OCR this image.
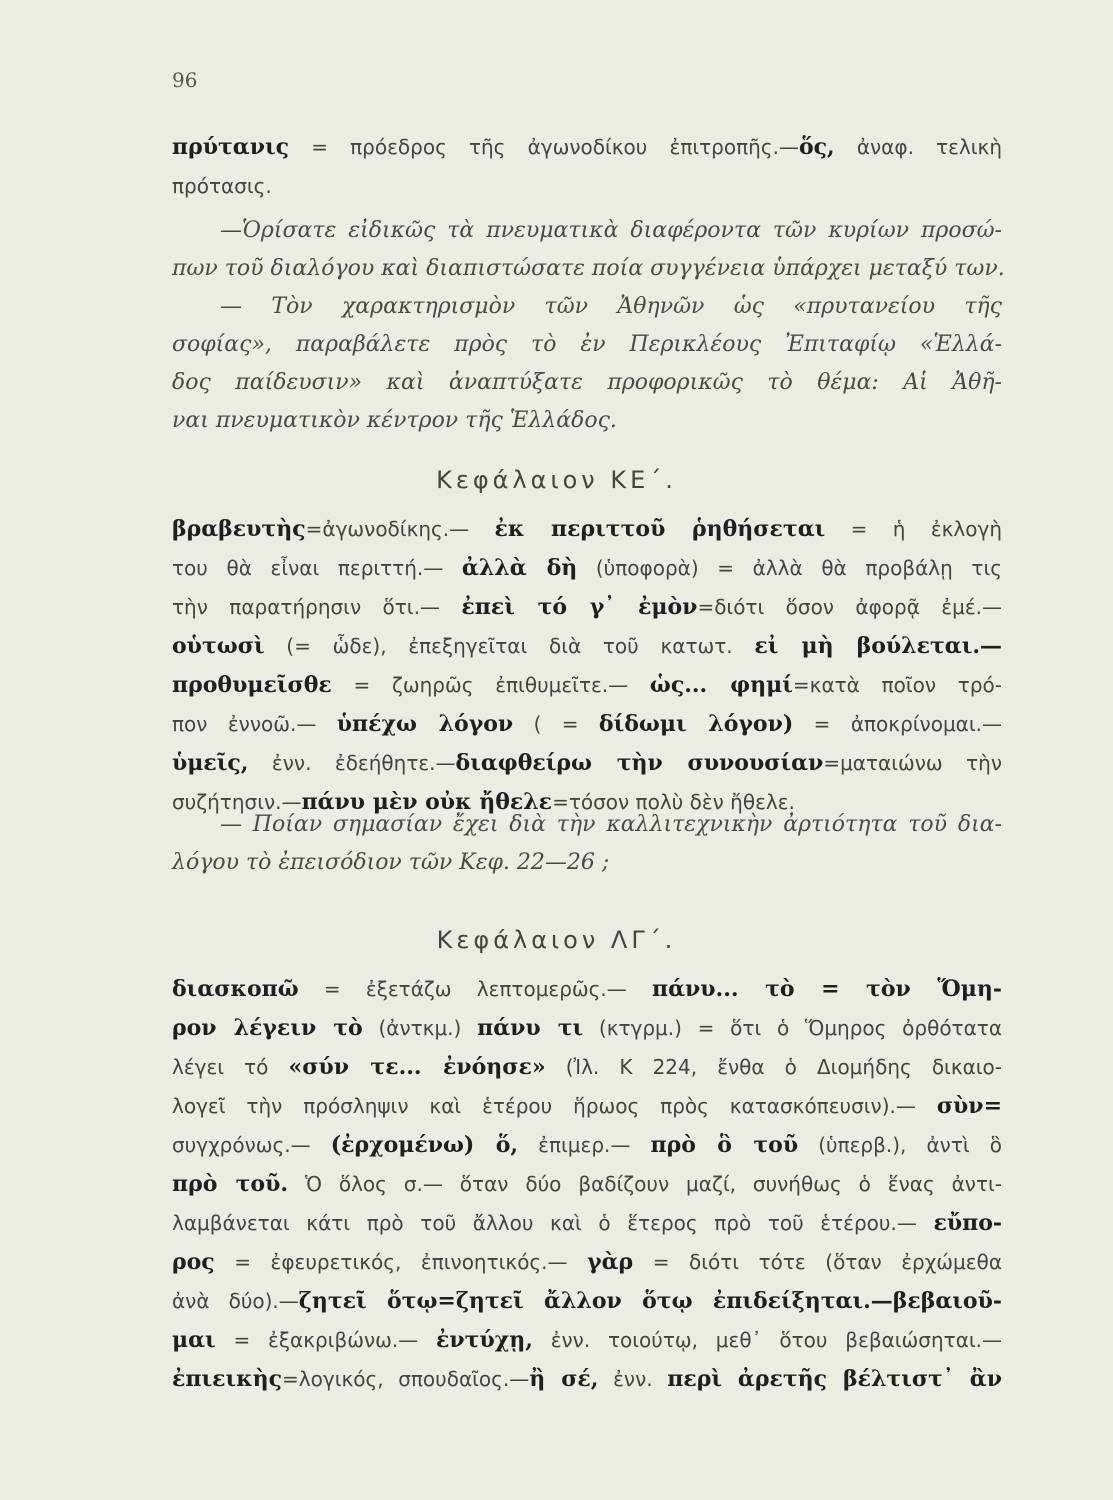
96
πρύτανις = πρόεδρος τῆς ἀγωνοδίκου ἐπιτροπῆς.—ὅς, ἀναφ. τελικὴ
πρότασις.
—Ὁρίσατε εἰδικῶς τὰ πνευματικὰ διαφέροντα τῶν κυρίων προσώ-
πων τοῦ διαλόγου καὶ διαπιστώσατε ποία συγγένεια ὑπάρχει μεταξύ των.
— Τὸν χαρακτηρισμὸν τῶν Ἀθηνῶν ὡς «πρυτανείου τῆς
σοφίας», παραβάλετε πρὸς τὸ ἐν Περικλέους Ἐπιταφίῳ «Ἑλλά-
δος παίδευσιν» καὶ ἀναπτύξατε προφορικῶς τὸ θέμα: Αἱ Ἀθῆ-
ναι πνευματικὸν κέντρον τῆς Ἑλλάδος.
Κεφάλαιον ΚΕ΄.
βραβευτὴς=ἀγωνοδίκης.— ἐκ περιττοῦ ῥηθήσεται = ἡ ἐκλογὴ
του θὰ εἶναι περιττή.— ἀλλὰ δὴ (ὑποφορὰ) = ἀλλὰ θὰ προβάλῃ τις
τὴν παρατήρησιν ὅτι.— ἐπεὶ τό γ᾽ ἐμὸν=διότι ὅσον ἀφορᾷ ἐμέ.—
οὑτωσὶ (= ὧδε), ἐπεξηγεῖται διὰ τοῦ κατωτ. εἰ μὴ βούλεται.—
προθυμεῖσθε = ζωηρῶς ἐπιθυμεῖτε.— ὡς... φημί=κατὰ ποῖον τρό-
πον ἐννοῶ.— ὑπέχω λόγον ( = δίδωμι λόγον) = ἀποκρίνομαι.—
ὑμεῖς, ἐνν. ἐδεήθητε.—διαφθείρω τὴν συνουσίαν=ματαιώνω τὴν
συζήτησιν.—πάνυ μὲν οὐκ ἤθελε=τόσον πολὺ δὲν ἤθελε.
— Ποίαν σημασίαν ἔχει διὰ τὴν καλλιτεχνικὴν ἀρτιότητα τοῦ δια-
λόγου τὸ ἐπεισόδιον τῶν Κεφ. 22—26 ;
Κεφάλαιον ΛΓ΄.
διασκοπῶ = ἐξετάζω λεπτομερῶς.— πάνυ... τὸ = τὸν Ὅμη-
ρον λέγειν τὸ (ἀντκμ.) πάνυ τι (κτγρμ.) = ὅτι ὁ Ὅμηρος ὀρθότατα
λέγει τό «σύν τε... ἐνόησε» (Ἰλ. Κ 224, ἔνθα ὁ Διομήδης δικαιο-
λογεῖ τὴν πρόσληψιν καὶ ἑτέρου ἥρωος πρὸς κατασκόπευσιν).— σὺν=
συγχρόνως.— (ἐρχομένω) ὅ, ἐπιμερ.— πρὸ ὃ τοῦ (ὑπερβ.), ἀντὶ ὃ
πρὸ τοῦ. Ὁ ὅλος σ.— ὅταν δύο βαδίζουν μαζί, συνήθως ὁ ἕνας ἀντι-
λαμβάνεται κάτι πρὸ τοῦ ἄλλου καὶ ὁ ἕτερος πρὸ τοῦ ἑτέρου.— εὔπο-
ρος = ἐφευρετικός, ἐπινοητικός.— γὰρ = διότι τότε (ὅταν ἐρχώμεθα
ἀνὰ δύο).—ζητεῖ ὅτῳ=ζητεῖ ἄλλον ὅτῳ ἐπιδείξηται.—βεβαιοῦ-
μαι = ἐξακριβώνω.— ἐντύχῃ, ἐνν. τοιούτῳ, μεθ᾽ ὅτου βεβαιώσηται.—
ἐπιεικὴς=λογικός, σπουδαῖος.—ἢ σέ, ἐνν. περὶ ἀρετῆς βέλτιστ᾽ ἂν
